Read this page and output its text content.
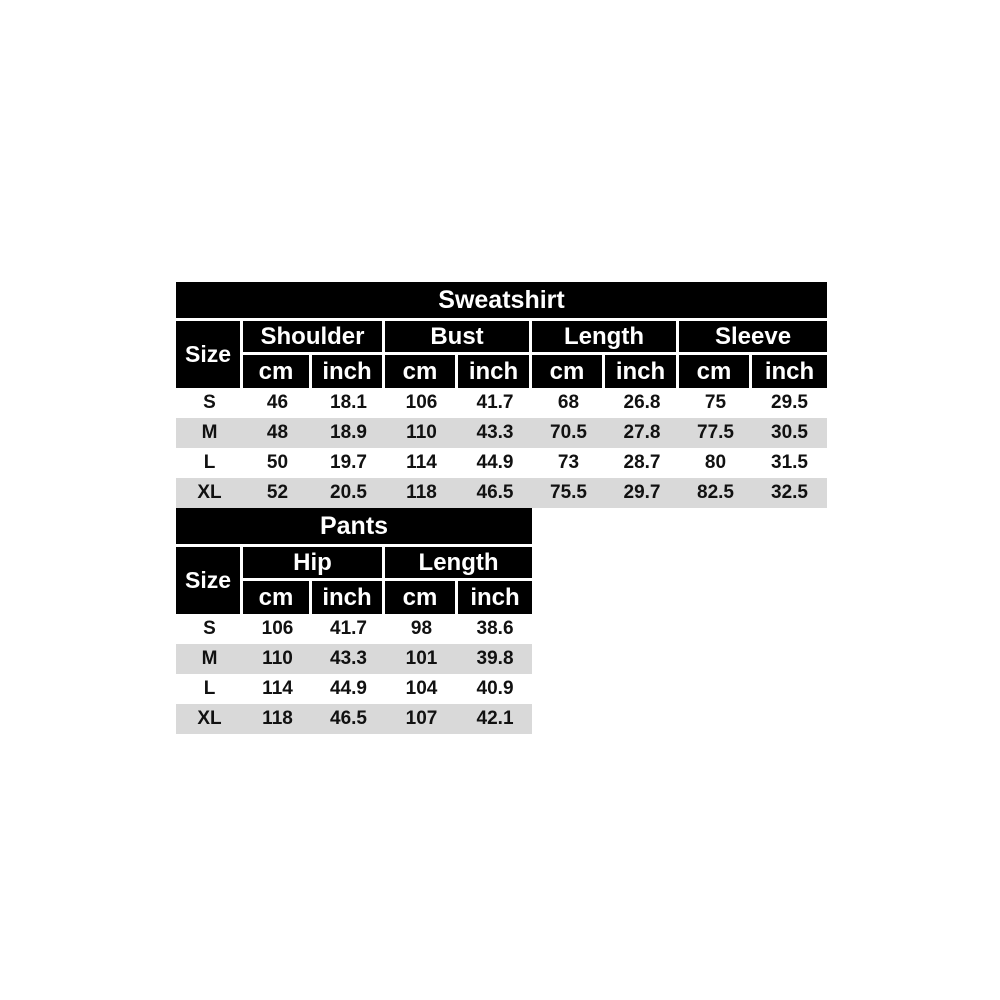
Sweatshirt								
Size	Shoulder		Bust		Length		Sleeve	
	cm	inch	cm	inch	cm	inch	cm	inch
S	46	18.1	106	41.7	68	26.8	75	29.5
M	48	18.9	110	43.3	70.5	27.8	77.5	30.5
L	50	19.7	114	44.9	73	28.7	80	31.5
XL	52	20.5	118	46.5	75.5	29.7	82.5	32.5
Pants				
Size	Hip		Length	
	cm	inch	cm	inch
S	106	41.7	98	38.6
M	110	43.3	101	39.8
L	114	44.9	104	40.9
XL	118	46.5	107	42.1
